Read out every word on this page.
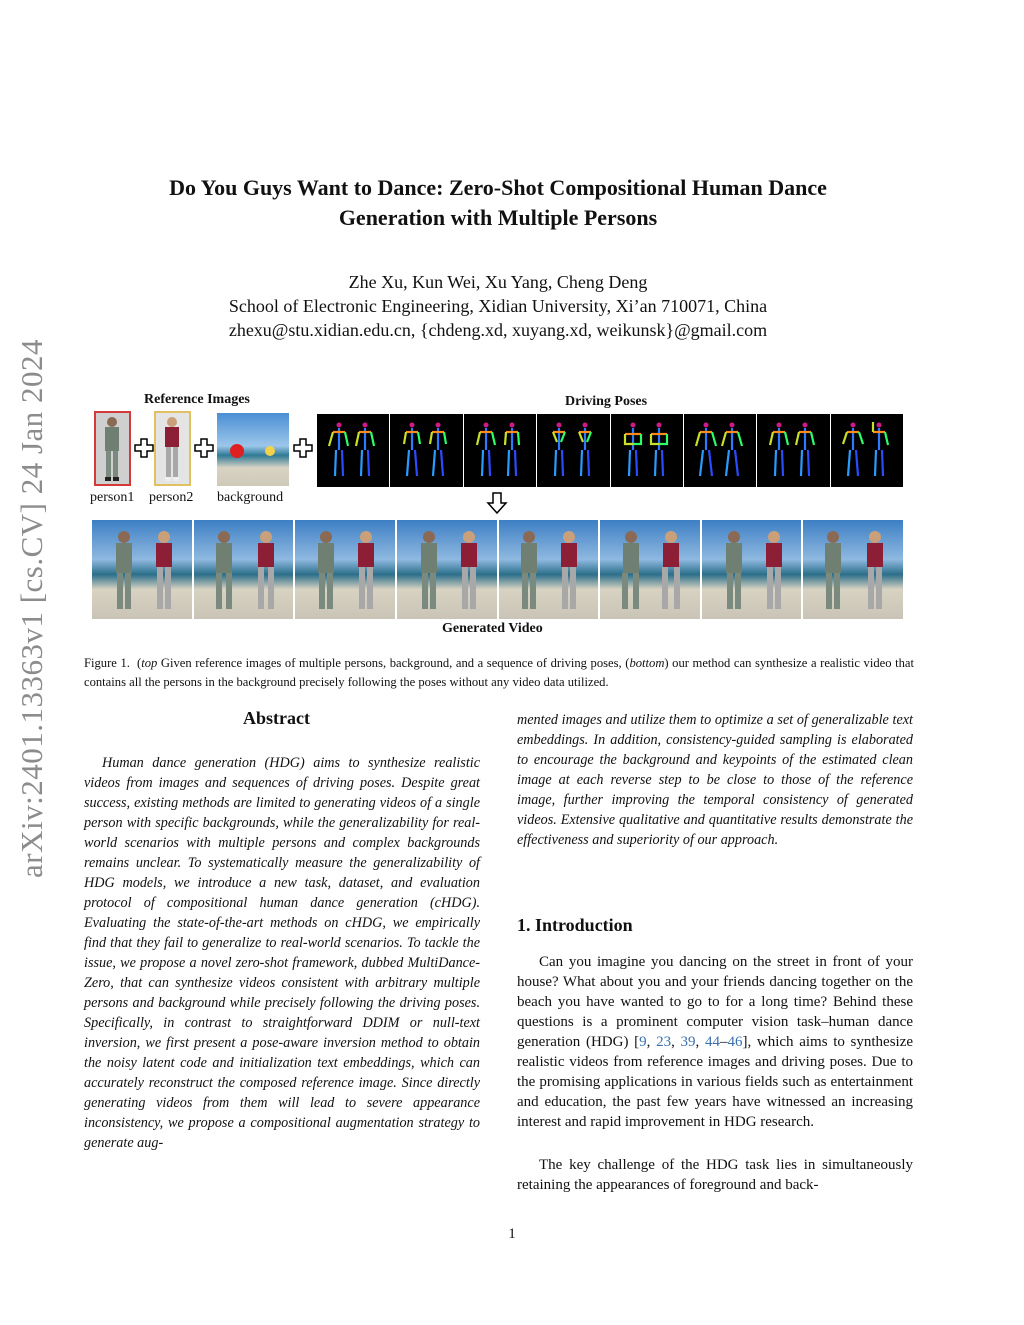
arXiv:2401.13363v1 [cs.CV] 24 Jan 2024
Do You Guys Want to Dance: Zero-Shot Compositional Human Dance
Generation with Multiple Persons
Zhe Xu, Kun Wei, Xu Yang, Cheng Deng
School of Electronic Engineering, Xidian University, Xi’an 710071, China
zhexu@stu.xidian.edu.cn, {chdeng.xd, xuyang.xd, weikunsk}@gmail.com
Reference Images	Driving Poses
person1 person2 background
Generated Video
Figure 1.  (top Given reference images of multiple persons, background, and a sequence of driving poses, (bottom) our method can synthesize a realistic video that contains all the persons in the background precisely following the poses without any video data utilized.
Abstract
Human dance generation (HDG) aims to synthesize realistic videos from images and sequences of driving poses. Despite great success, existing methods are limited to generating videos of a single person with specific backgrounds, while the generalizability for real-world scenarios with multiple persons and complex backgrounds remains unclear. To systematically measure the generalizability of HDG models, we introduce a new task, dataset, and evaluation protocol of compositional human dance generation (cHDG). Evaluating the state-of-the-art methods on cHDG, we empirically find that they fail to generalize to real-world scenarios. To tackle the issue, we propose a novel zero-shot framework, dubbed MultiDance-Zero, that can synthesize videos consistent with arbitrary multiple persons and background while precisely following the driving poses. Specifically, in contrast to straightforward DDIM or null-text inversion, we first present a pose-aware inversion method to obtain the noisy latent code and initialization text embeddings, which can accurately reconstruct the composed reference image. Since directly generating videos from them will lead to severe appearance inconsistency, we propose a compositional augmentation strategy to generate aug-
mented images and utilize them to optimize a set of generalizable text embeddings. In addition, consistency-guided sampling is elaborated to encourage the background and keypoints of the estimated clean image at each reverse step to be close to those of the reference image, further improving the temporal consistency of generated videos. Extensive qualitative and quantitative results demonstrate the effectiveness and superiority of our approach.
1. Introduction
Can you imagine you dancing on the street in front of your house? What about you and your friends dancing together on the beach you have wanted to go to for a long time? Behind these questions is a prominent computer vision task–human dance generation (HDG) [9, 23, 39, 44–46], which aims to synthesize realistic videos from reference images and driving poses. Due to the promising applications in various fields such as entertainment and education, the past few years have witnessed an increasing interest and rapid improvement in HDG research.
The key challenge of the HDG task lies in simultaneously retaining the appearances of foreground and back-
1
